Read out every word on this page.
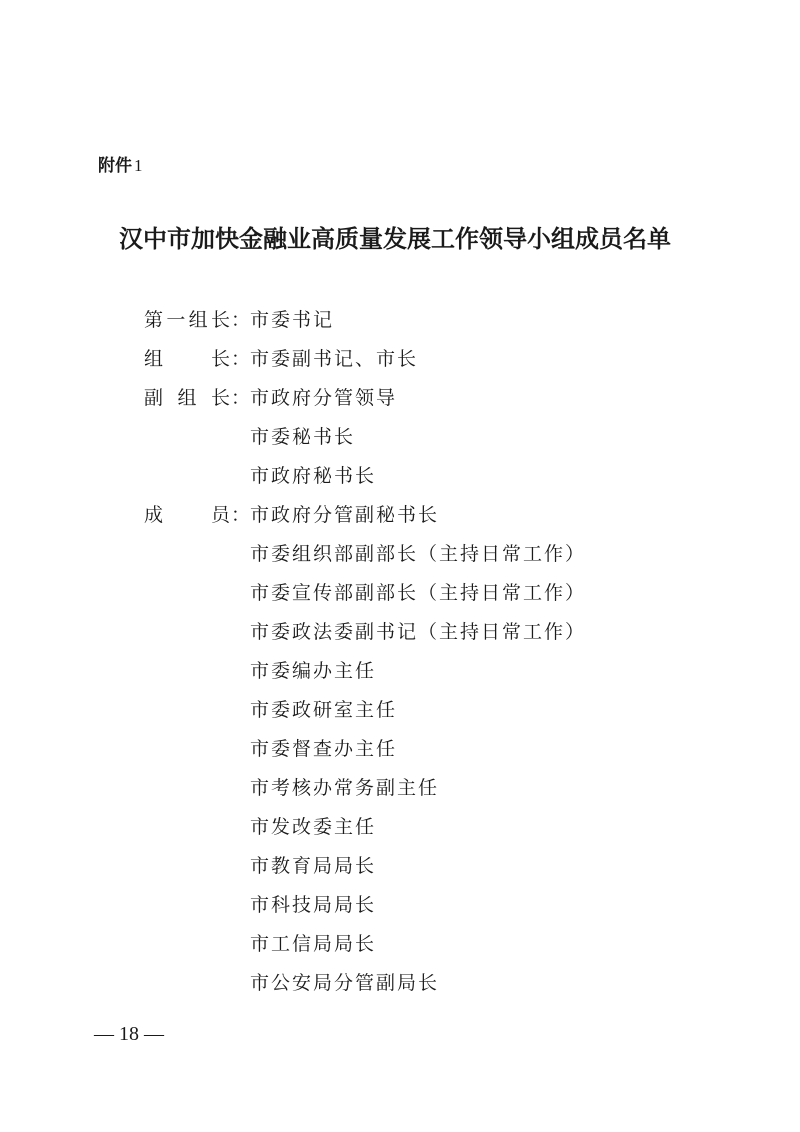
附件 1
汉中市加快金融业高质量发展工作领导小组成员名单
第 一 组 长 ： 市委书记
组	长 ： 市委副书记、市长
副 组 长 ： 市政府分管领导
市委秘书长
市政府秘书长
成	员 ： 市政府分管副秘书长
市委组织部副部长（主持日常工作）
市委宣传部副部长（主持日常工作）
市委政法委副书记（主持日常工作）
市委编办主任
市委政研室主任
市委督查办主任
市考核办常务副主任
市发改委主任
市教育局局长
市科技局局长
市工信局局长
市公安局分管副局长
— 18 —
